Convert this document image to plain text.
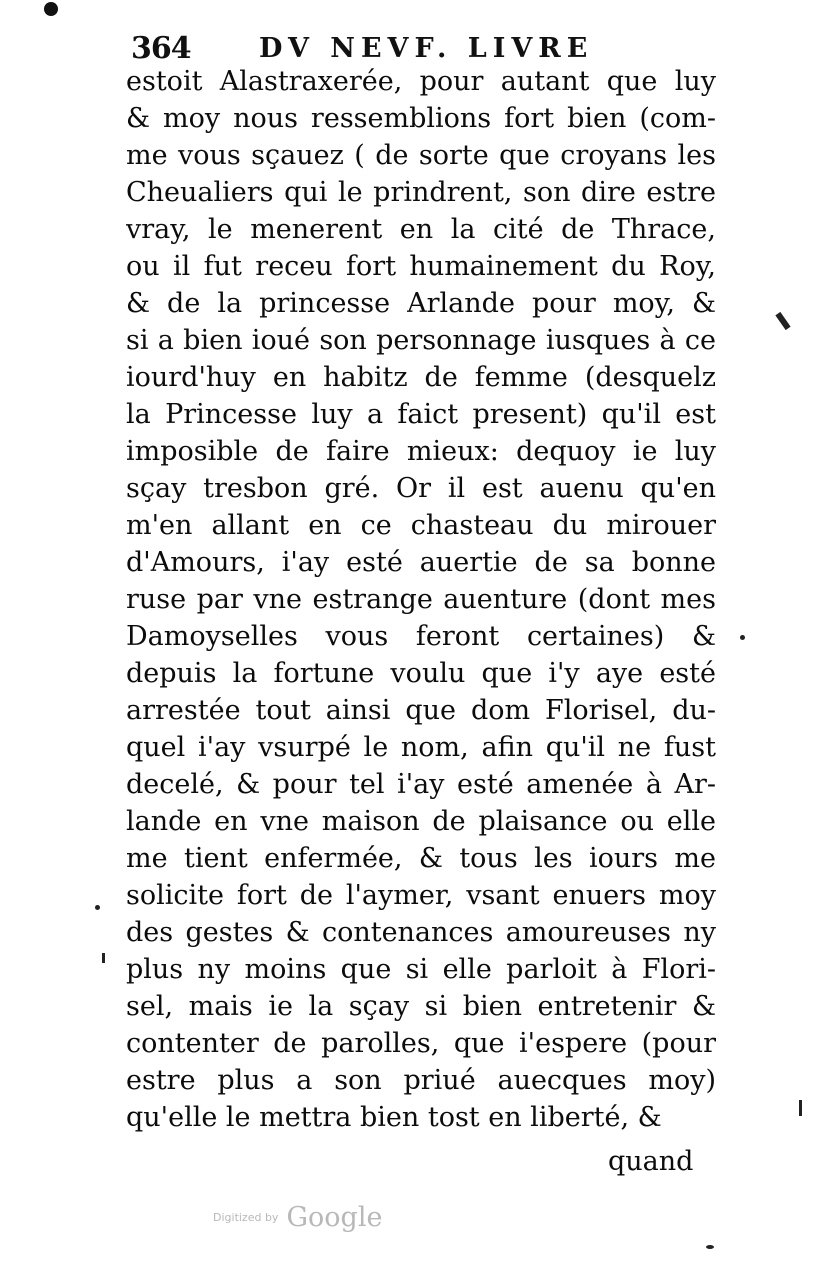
364	DV NEVF. LIVRE
estoit Alastraxerée, pour autant que luy
& moy nous ressemblions fort bien (com-
me vous sçauez ( de sorte que croyans les
Cheualiers qui le prindrent, son dire estre
vray, le menerent en la cité de Thrace,
ou il fut receu fort humainement du Roy,
& de la princesse Arlande pour moy, &
si a bien ioué son personnage iusques à ce
iourd'huy en habitz de femme (desquelz
la Princesse luy a faict present) qu'il est
imposible de faire mieux: dequoy ie luy
sçay tresbon gré. Or il est auenu qu'en
m'en allant en ce chasteau du mirouer
d'Amours, i'ay esté auertie de sa bonne
ruse par vne estrange auenture (dont mes
Damoyselles vous feront certaines) &
depuis la fortune voulu que i'y aye esté
arrestée tout ainsi que dom Florisel, du-
quel i'ay vsurpé le nom, afin qu'il ne fust
decelé, & pour tel i'ay esté amenée à Ar-
lande en vne maison de plaisance ou elle
me tient enfermée, & tous les iours me
solicite fort de l'aymer, vsant enuers moy
des gestes & contenances amoureuses ny
plus ny moins que si elle parloit à Flori-
sel, mais ie la sçay si bien entretenir &
contenter de parolles, que i'espere (pour
estre plus a son priué auecques moy)
qu'elle le mettra bien tost en liberté, &
quand
Digitized by Google
